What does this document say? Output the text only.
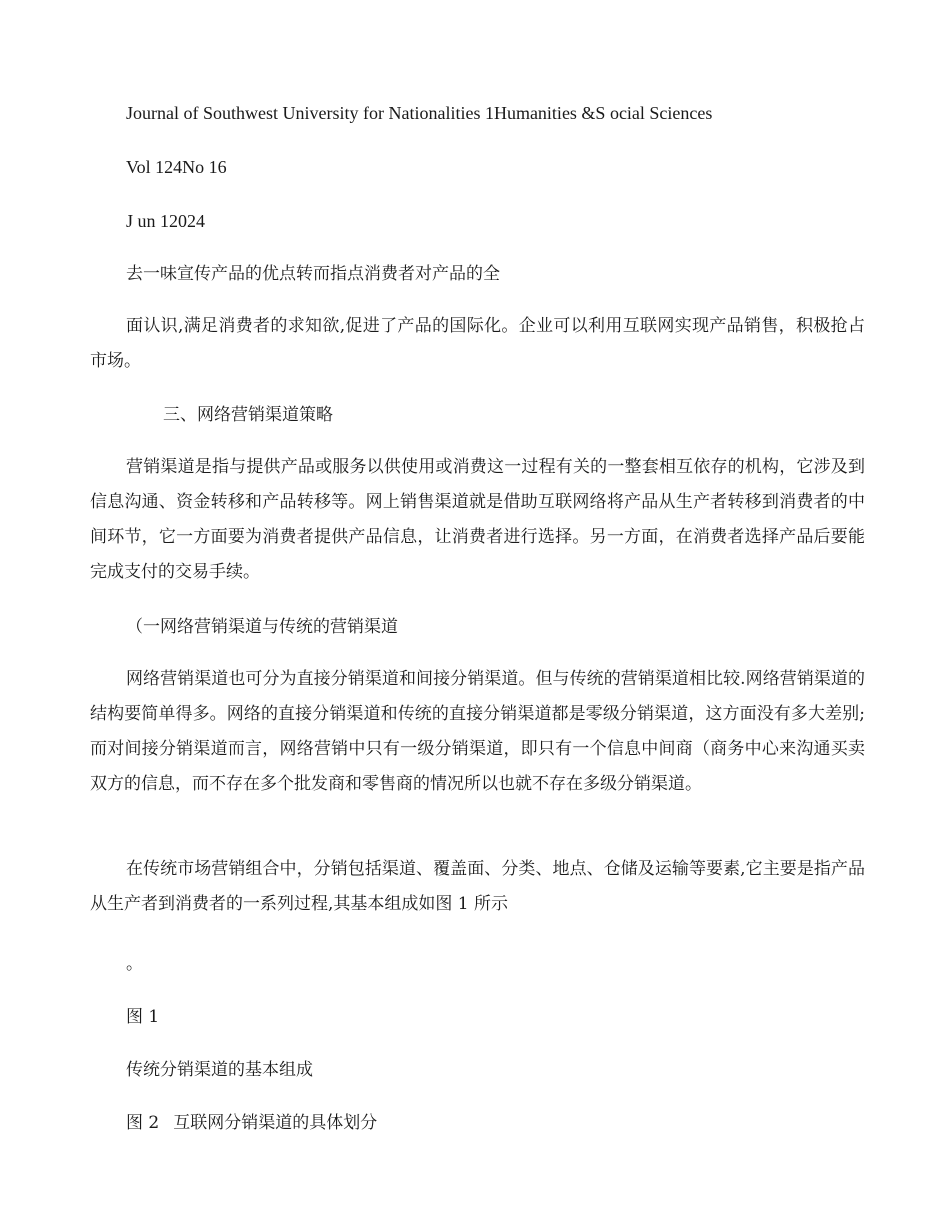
Journal of Southwest University for Nationalities 1Humanities &S ocial Sciences
Vol 124No 16
J un 12024
去一味宣传产品的优点转而指点消费者对产品的全

面认识,满足消费者的求知欲,促进了产品的国际化。企业可以利用互联网实现产品销售，积极抢占市场。

三、网络营销渠道策略

营销渠道是指与提供产品或服务以供使用或消费这一过程有关的一整套相互依存的机构，它涉及到信息沟通、资金转移和产品转移等。网上销售渠道就是借助互联网络将产品从生产者转移到消费者的中间环节，它一方面要为消费者提供产品信息，让消费者进行选择。另一方面，在消费者选择产品后要能完成支付的交易手续。

（一网络营销渠道与传统的营销渠道

网络营销渠道也可分为直接分销渠道和间接分销渠道。但与传统的营销渠道相比较.网络营销渠道的结构要简单得多。网络的直接分销渠道和传统的直接分销渠道都是零级分销渠道，这方面没有多大差别;而对间接分销渠道而言，网络营销中只有一级分销渠道，即只有一个信息中间商（商务中心来沟通买卖双方的信息，而不存在多个批发商和零售商的情况所以也就不存在多级分销渠道。

在传统市场营销组合中，分销包括渠道、覆盖面、分类、地点、仓储及运输等要素,它主要是指产品从生产者到消费者的一系列过程,其基本组成如图 1 所示

。
图 1
传统分销渠道的基本组成
图 2 互联网分销渠道的具体划分
